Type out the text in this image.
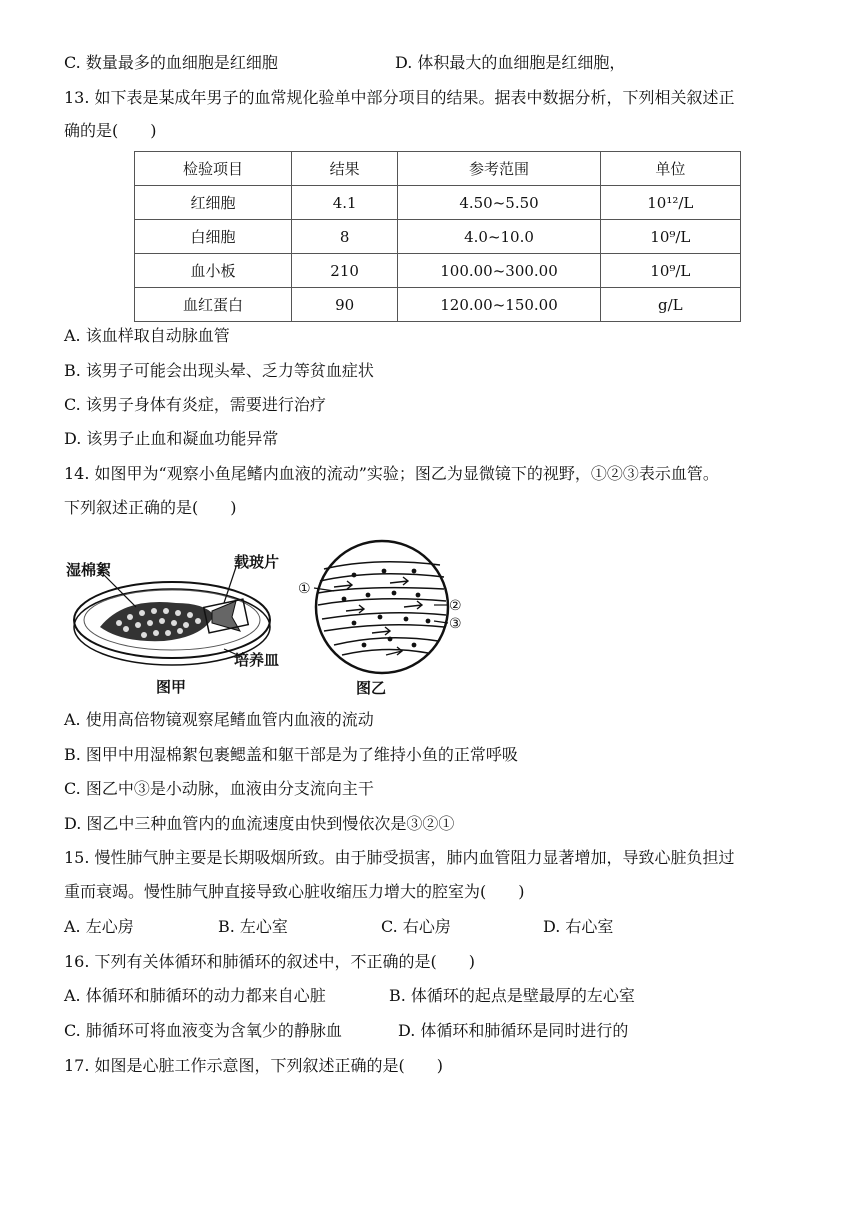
C. 数量最多的血细胞是红细胞	D. 体积最大的血细胞是红细胞，
13. 如下表是某成年男子的血常规化验单中部分项目的结果。据表中数据分析，下列相关叙述正
确的是(　　)
检验项目	结果	参考范围	单位
红细胞	4.1	4.50~5.50	10¹²/L
白细胞	8	4.0~10.0	10⁹/L
血小板	210	100.00~300.00	10⁹/L
血红蛋白	90	120.00~150.00	g/L
A. 该血样取自动脉血管
B. 该男子可能会出现头晕、乏力等贫血症状
C. 该男子身体有炎症，需要进行治疗
D. 该男子止血和凝血功能异常
14. 如图甲为“观察小鱼尾鳍内血液的流动”实验；图乙为显微镜下的视野，①②③表示血管。
下列叙述正确的是(　　)
湿棉絮	载玻片
培养皿
图甲
①
②
③
图乙
A. 使用高倍物镜观察尾鳍血管内血液的流动
B. 图甲中用湿棉絮包裹鳃盖和躯干部是为了维持小鱼的正常呼吸
C. 图乙中③是小动脉，血液由分支流向主干
D. 图乙中三种血管内的血流速度由快到慢依次是③②①
15. 慢性肺气肿主要是长期吸烟所致。由于肺受损害，肺内血管阻力显著增加，导致心脏负担过
重而衰竭。慢性肺气肿直接导致心脏收缩压力增大的腔室为(　　)
A. 左心房	B. 左心室	C. 右心房	D. 右心室
16. 下列有关体循环和肺循环的叙述中，不正确的是(　　)
A. 体循环和肺循环的动力都来自心脏	B. 体循环的起点是壁最厚的左心室
C. 肺循环可将血液变为含氧少的静脉血	D. 体循环和肺循环是同时进行的
17. 如图是心脏工作示意图，下列叙述正确的是(　　)
